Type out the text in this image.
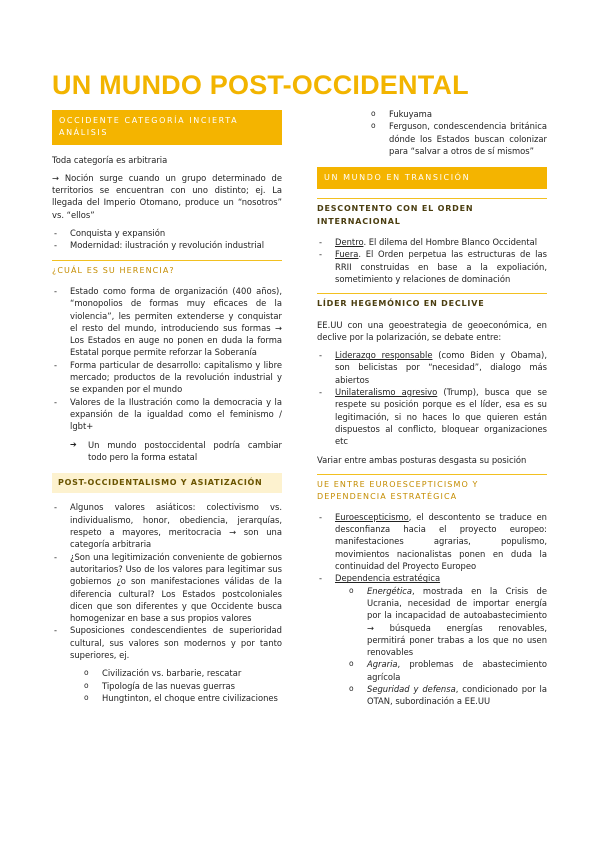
UN MUNDO POST-OCCIDENTAL
OCCIDENTE CATEGORÍA INCIERTA ANÁLISIS

Toda categoría es arbitraria

→ Noción surge cuando un grupo determinado de territorios se encuentran con uno distinto; ej. La llegada del Imperio Otomano, produce un “nosotros” vs. “ellos”

- Conquista y expansión
- Modernidad: ilustración y revolución industrial
¿CUÁL ES SU HERENCIA?
- Estado como forma de organización (400 años), “monopolios de formas muy eficaces de la violencia”, les permiten extenderse y conquistar el resto del mundo, introduciendo sus formas → Los Estados en auge no ponen en duda la forma Estatal porque permite reforzar la Soberanía
- Forma particular de desarrollo: capitalismo y libre mercado; productos de la revolución industrial y se expanden por el mundo
- Valores de la Ilustración como la democracia y la expansión de la igualdad como el feminismo / lgbt+
➔ Un mundo postoccidental podría cambiar todo pero la forma estatal
POST-OCCIDENTALISMO Y ASIATIZACIÓN
- Algunos valores asiáticos: colectivismo vs. individualismo, honor, obediencia, jerarquías, respeto a mayores, meritocracia → son una categoría arbitraria
- ¿Son una legitimización conveniente de gobiernos autoritarios? Uso de los valores para legitimar sus gobiernos ¿o son manifestaciones válidas de la diferencia cultural? Los Estados postcoloniales dicen que son diferentes y que Occidente busca homogenizar en base a sus propios valores
- Suposiciones condescendientes de superioridad cultural, sus valores son modernos y por tanto superiores, ej.
o Civilización vs. barbarie, rescatar
o Tipología de las nuevas guerras
o Hungtinton, el choque entre civilizaciones
o Fukuyama
o Ferguson, condescendencia británica dónde los Estados buscan colonizar para “salvar a otros de sí mismos”
UN MUNDO EN TRANSICIÓN
DESCONTENTO CON EL ORDEN INTERNACIONAL
- Dentro. El dilema del Hombre Blanco Occidental
- Fuera. El Orden perpetua las estructuras de las RRII construidas en base a la expoliación, sometimiento y relaciones de dominación
LÍDER HEGEMÓNICO EN DECLIVE

EE.UU con una geoestrategia de geoeconómica, en declive por la polarización, se debate entre:

- Liderazgo responsable (como Biden y Obama), son belicistas por “necesidad”, dialogo más abiertos
- Unilateralismo agresivo (Trump), busca que se respete su posición porque es el líder, esa es su legitimación, si no haces lo que quieren están dispuestos al conflicto, bloquear organizaciones etc

Variar entre ambas posturas desgasta su posición

UE ENTRE EUROESCEPTICISMO Y DEPENDENCIA ESTRATÉGICA
- Euroescepticismo, el descontento se traduce en desconfianza hacia el proyecto europeo: manifestaciones agrarias, populismo, movimientos nacionalistas ponen en duda la continuidad del Proyecto Europeo
- Dependencia estratégica
o Energética, mostrada en la Crisis de Ucrania, necesidad de importar energía por la incapacidad de autoabastecimiento → búsqueda energías renovables, permitirá poner trabas a los que no usen renovables
o Agraria, problemas de abastecimiento agrícola
o Seguridad y defensa, condicionado por la OTAN, subordinación a EE.UU
